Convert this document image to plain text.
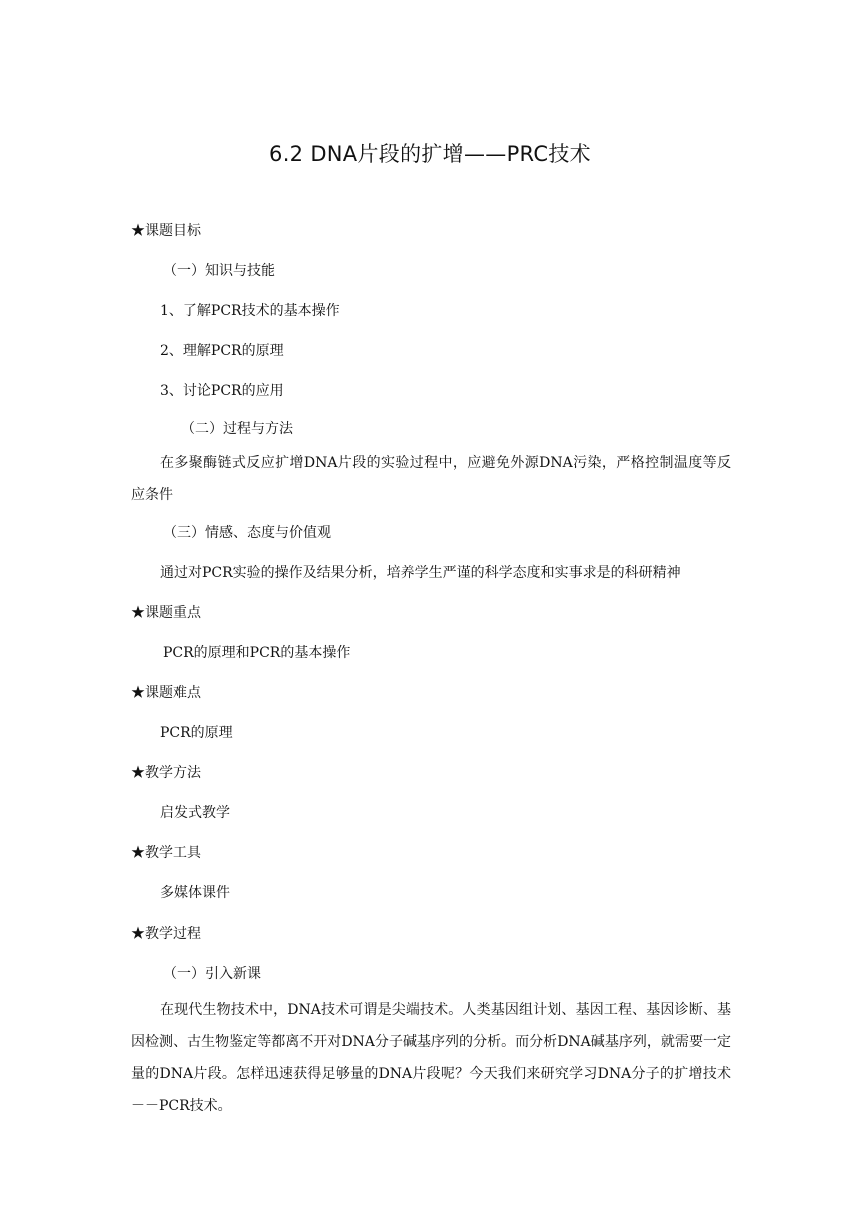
6.2 DNA片段的扩增——PRC技术
★课题目标
（一）知识与技能
1、了解PCR技术的基本操作
2、理解PCR的原理
3、讨论PCR的应用
（二）过程与方法
在多聚酶链式反应扩增DNA片段的实验过程中，应避免外源DNA污染，严格控制温度等反应条件
（三）情感、态度与价值观
通过对PCR实验的操作及结果分析，培养学生严谨的科学态度和实事求是的科研精神
★课题重点
PCR的原理和PCR的基本操作
★课题难点
PCR的原理
★教学方法
启发式教学
★教学工具
多媒体课件
★教学过程
（一）引入新课
在现代生物技术中，DNA技术可谓是尖端技术。人类基因组计划、基因工程、基因诊断、基因检测、古生物鉴定等都离不开对DNA分子碱基序列的分析。而分析DNA碱基序列，就需要一定量的DNA片段。怎样迅速获得足够量的DNA片段呢？今天我们来研究学习DNA分子的扩增技术－－PCR技术。
